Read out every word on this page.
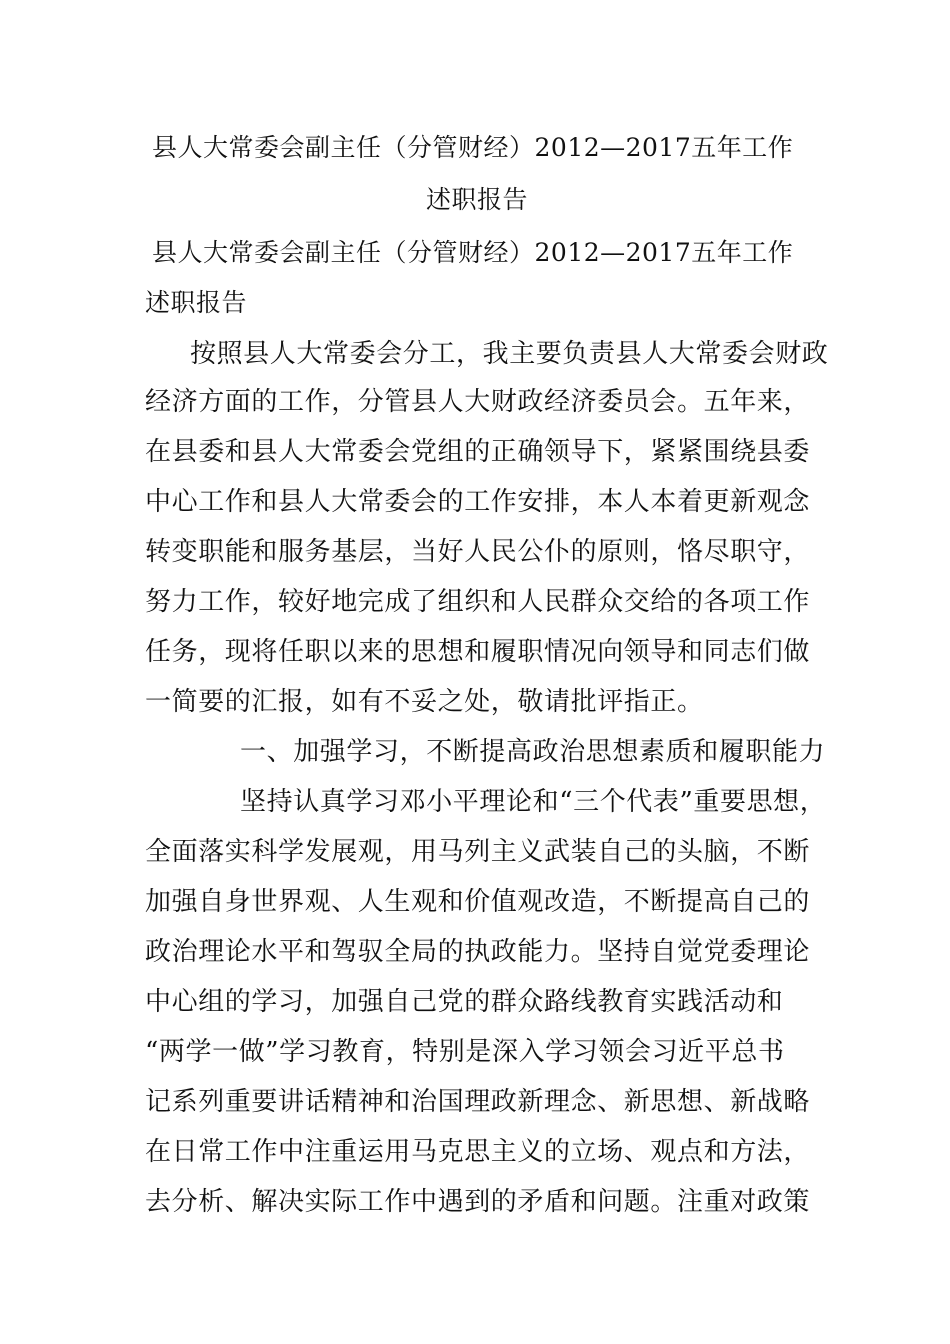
县人大常委会副主任（分管财经）2012—2017五年工作
述职报告
县人大常委会副主任（分管财经）2012—2017五年工作
述职报告
按照县人大常委会分工，我主要负责县人大常委会财政
经济方面的工作，分管县人大财政经济委员会。五年来，
在县委和县人大常委会党组的正确领导下，紧紧围绕县委
中心工作和县人大常委会的工作安排，本人本着更新观念
转变职能和服务基层，当好人民公仆的原则，恪尽职守，
努力工作，较好地完成了组织和人民群众交给的各项工作
任务，现将任职以来的思想和履职情况向领导和同志们做
一简要的汇报，如有不妥之处，敬请批评指正。
一、加强学习，不断提高政治思想素质和履职能力
坚持认真学习邓小平理论和“三个代表”重要思想，
全面落实科学发展观，用马列主义武装自己的头脑，不断
加强自身世界观、人生观和价值观改造，不断提高自己的
政治理论水平和驾驭全局的执政能力。坚持自觉党委理论
中心组的学习，加强自己党的群众路线教育实践活动和
“两学一做”学习教育，特别是深入学习领会习近平总书
记系列重要讲话精神和治国理政新理念、新思想、新战略
在日常工作中注重运用马克思主义的立场、观点和方法，
去分析、解决实际工作中遇到的矛盾和问题。注重对政策
